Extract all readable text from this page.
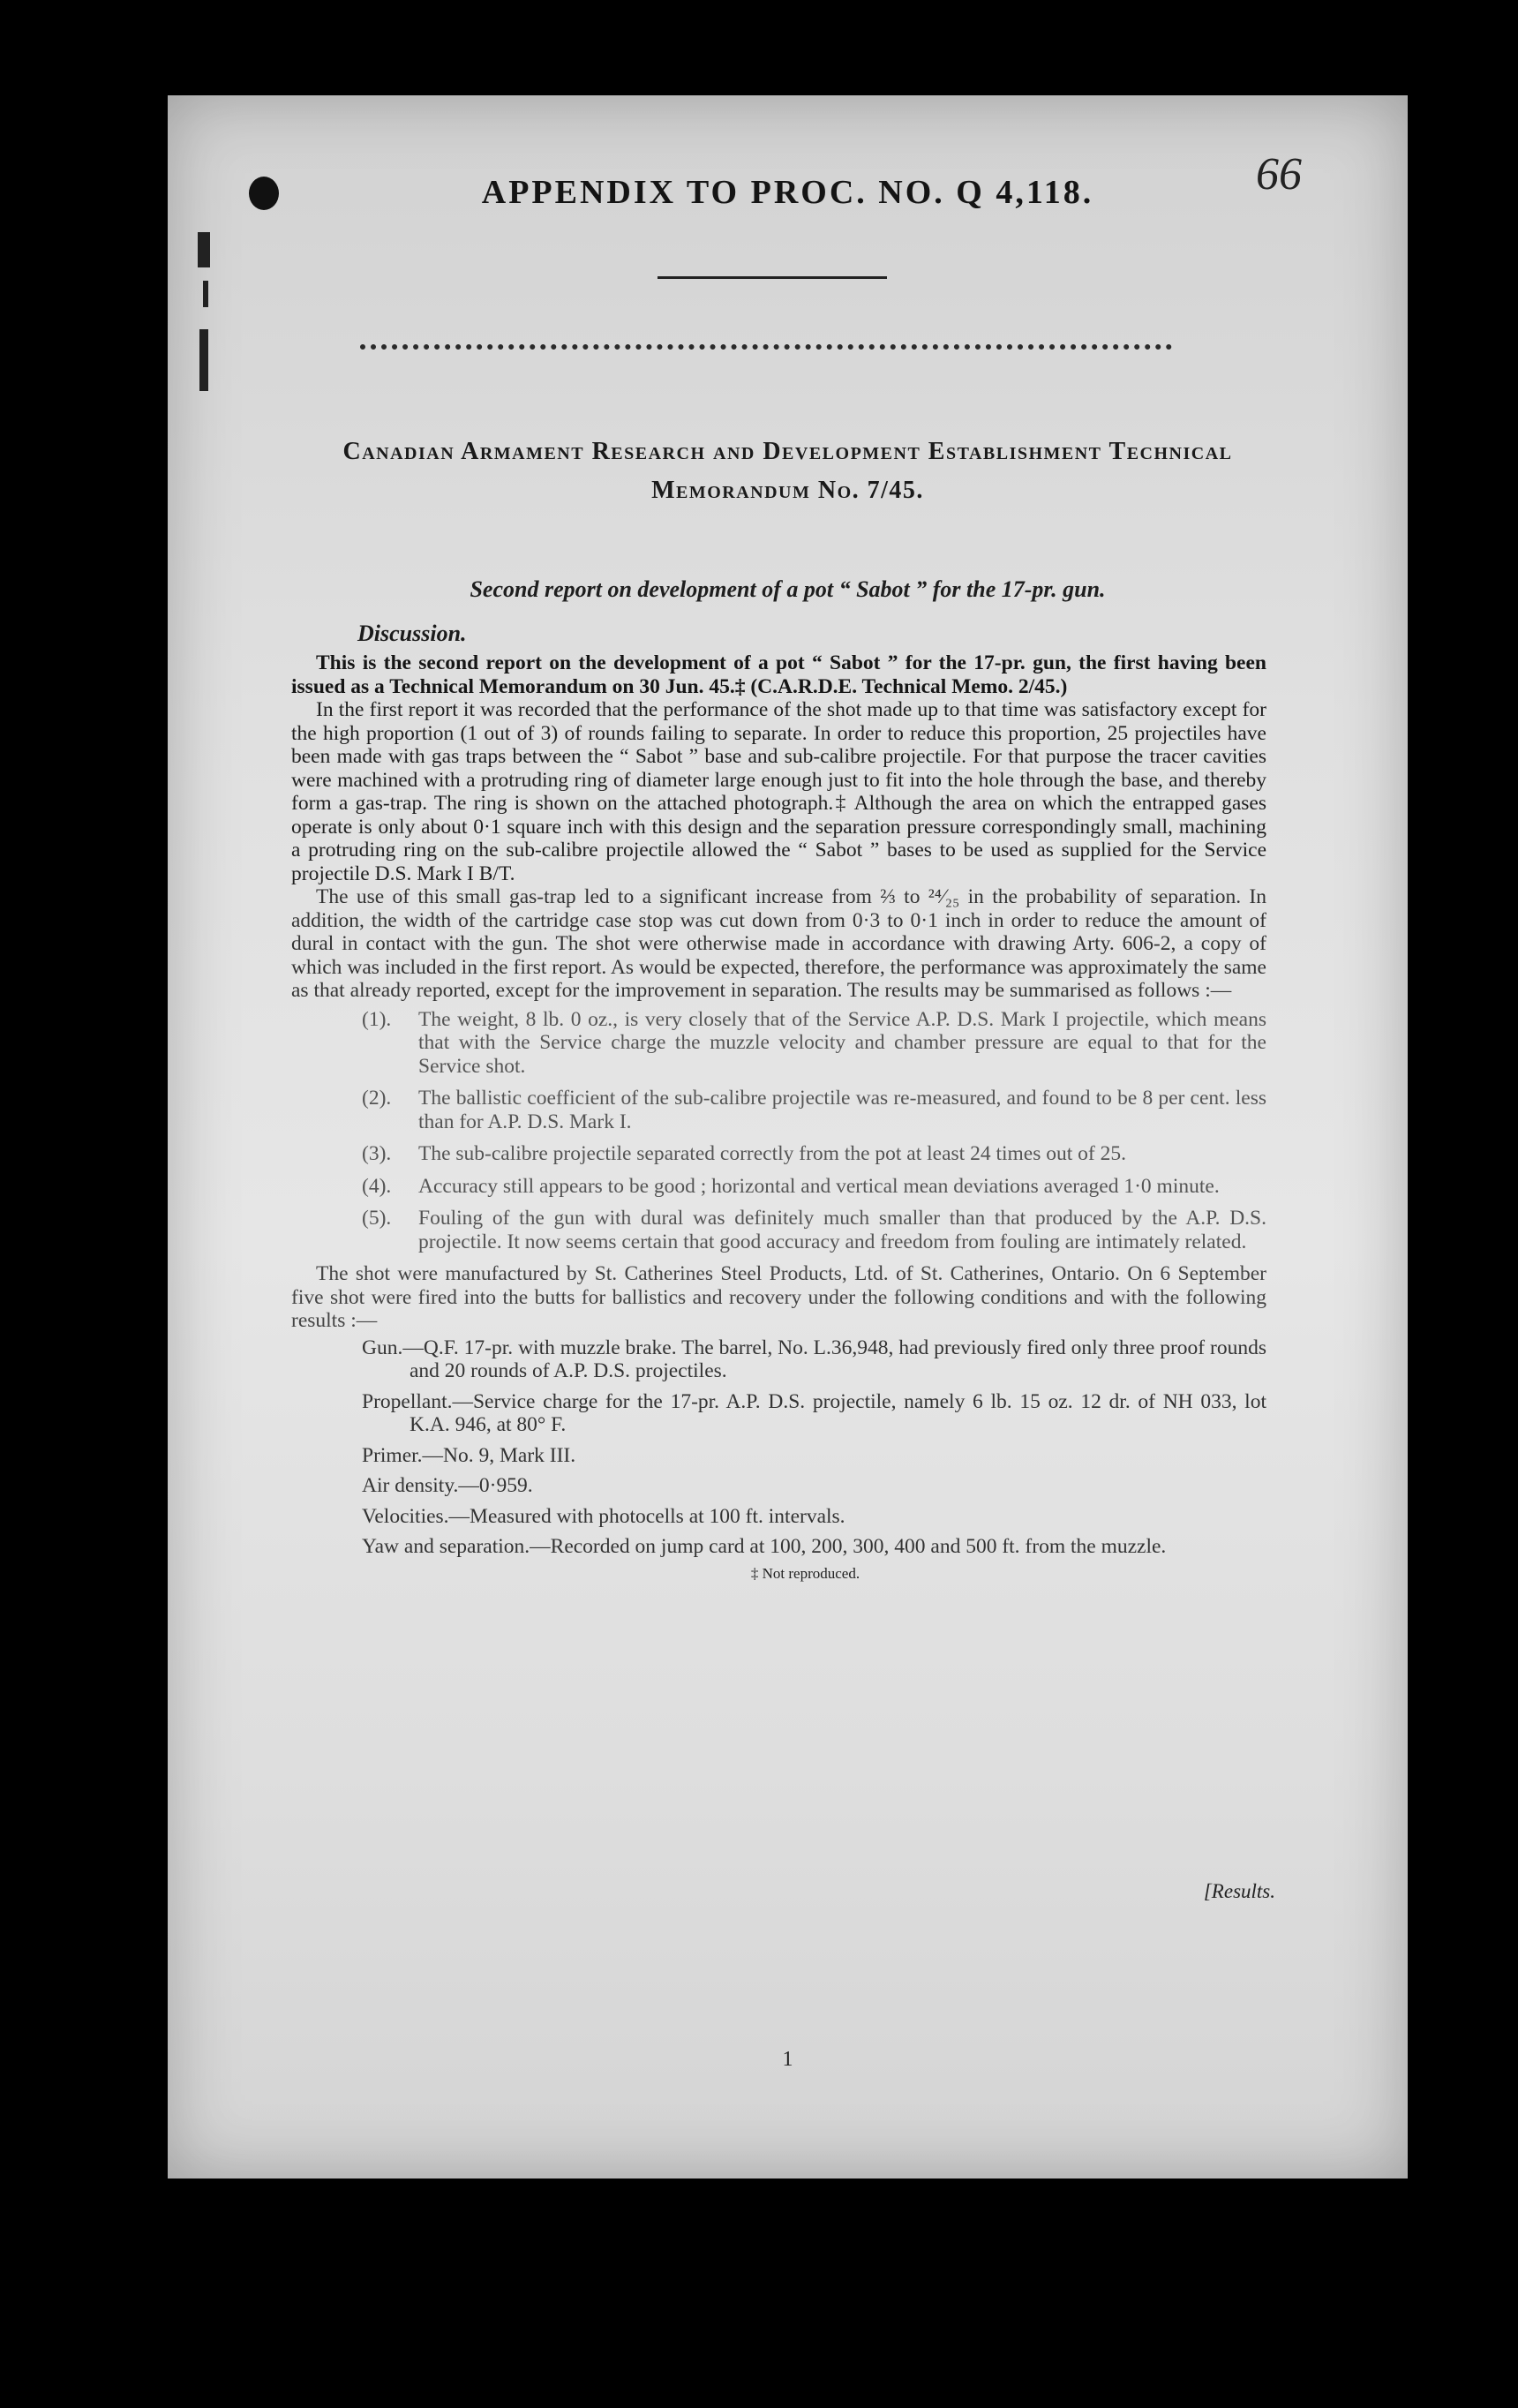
66
APPENDIX TO PROC. NO. Q 4,118.
Canadian Armament Research and Development Establishment Technical
Memorandum No. 7/45.
Second report on development of a pot “ Sabot ” for the 17-pr. gun.
Discussion.

This is the second report on the development of a pot “ Sabot ” for the 17-pr. gun, the first having been issued as a Technical Memorandum on 30 Jun. 45.‡ (C.A.R.D.E. Technical Memo. 2/45.)

In the first report it was recorded that the performance of the shot made up to that time was satisfactory except for the high proportion (1 out of 3) of rounds failing to separate. In order to reduce this proportion, 25 projectiles have been made with gas traps between the “ Sabot ” base and sub-calibre projectile. For that purpose the tracer cavities were machined with a protruding ring of diameter large enough just to fit into the hole through the base, and thereby form a gas-trap. The ring is shown on the attached photograph.‡ Although the area on which the entrapped gases operate is only about 0·1 square inch with this design and the separation pressure correspondingly small, machining a protruding ring on the sub-calibre projectile allowed the “ Sabot ” bases to be used as supplied for the Service projectile D.S. Mark I B/T.

The use of this small gas-trap led to a significant increase from ⅔ to ²⁴⁄₂₅ in the probability of separation. In addition, the width of the cartridge case stop was cut down from 0·3 to 0·1 inch in order to reduce the amount of dural in contact with the gun. The shot were otherwise made in accordance with drawing Arty. 606-2, a copy of which was included in the first report. As would be expected, therefore, the performance was approximately the same as that already reported, except for the improvement in separation. The results may be summarised as follows :—

(1).	The weight, 8 lb. 0 oz., is very closely that of the Service A.P. D.S. Mark I projectile, which means that with the Service charge the muzzle velocity and chamber pressure are equal to that for the Service shot.
(2).	The ballistic coefficient of the sub-calibre projectile was re-measured, and found to be 8 per cent. less than for A.P. D.S. Mark I.
(3).	The sub-calibre projectile separated correctly from the pot at least 24 times out of 25.
(4).	Accuracy still appears to be good ; horizontal and vertical mean deviations averaged 1·0 minute.
(5).	Fouling of the gun with dural was definitely much smaller than that produced by the A.P. D.S. projectile. It now seems certain that good accuracy and freedom from fouling are intimately related.

The shot were manufactured by St. Catherines Steel Products, Ltd. of St. Catherines, Ontario. On 6 September five shot were fired into the butts for ballistics and recovery under the following conditions and with the following results :—

Gun.—Q.F. 17-pr. with muzzle brake. The barrel, No. L.36,948, had previously fired only three proof rounds and 20 rounds of A.P. D.S. projectiles.
Propellant.—Service charge for the 17-pr. A.P. D.S. projectile, namely 6 lb. 15 oz. 12 dr. of NH 033, lot K.A. 946, at 80° F.
Primer.—No. 9, Mark III.
Air density.—0·959.
Velocities.—Measured with photocells at 100 ft. intervals.
Yaw and separation.—Recorded on jump card at 100, 200, 300, 400 and 500 ft. from the muzzle.
‡ Not reproduced.
[Results.
1
